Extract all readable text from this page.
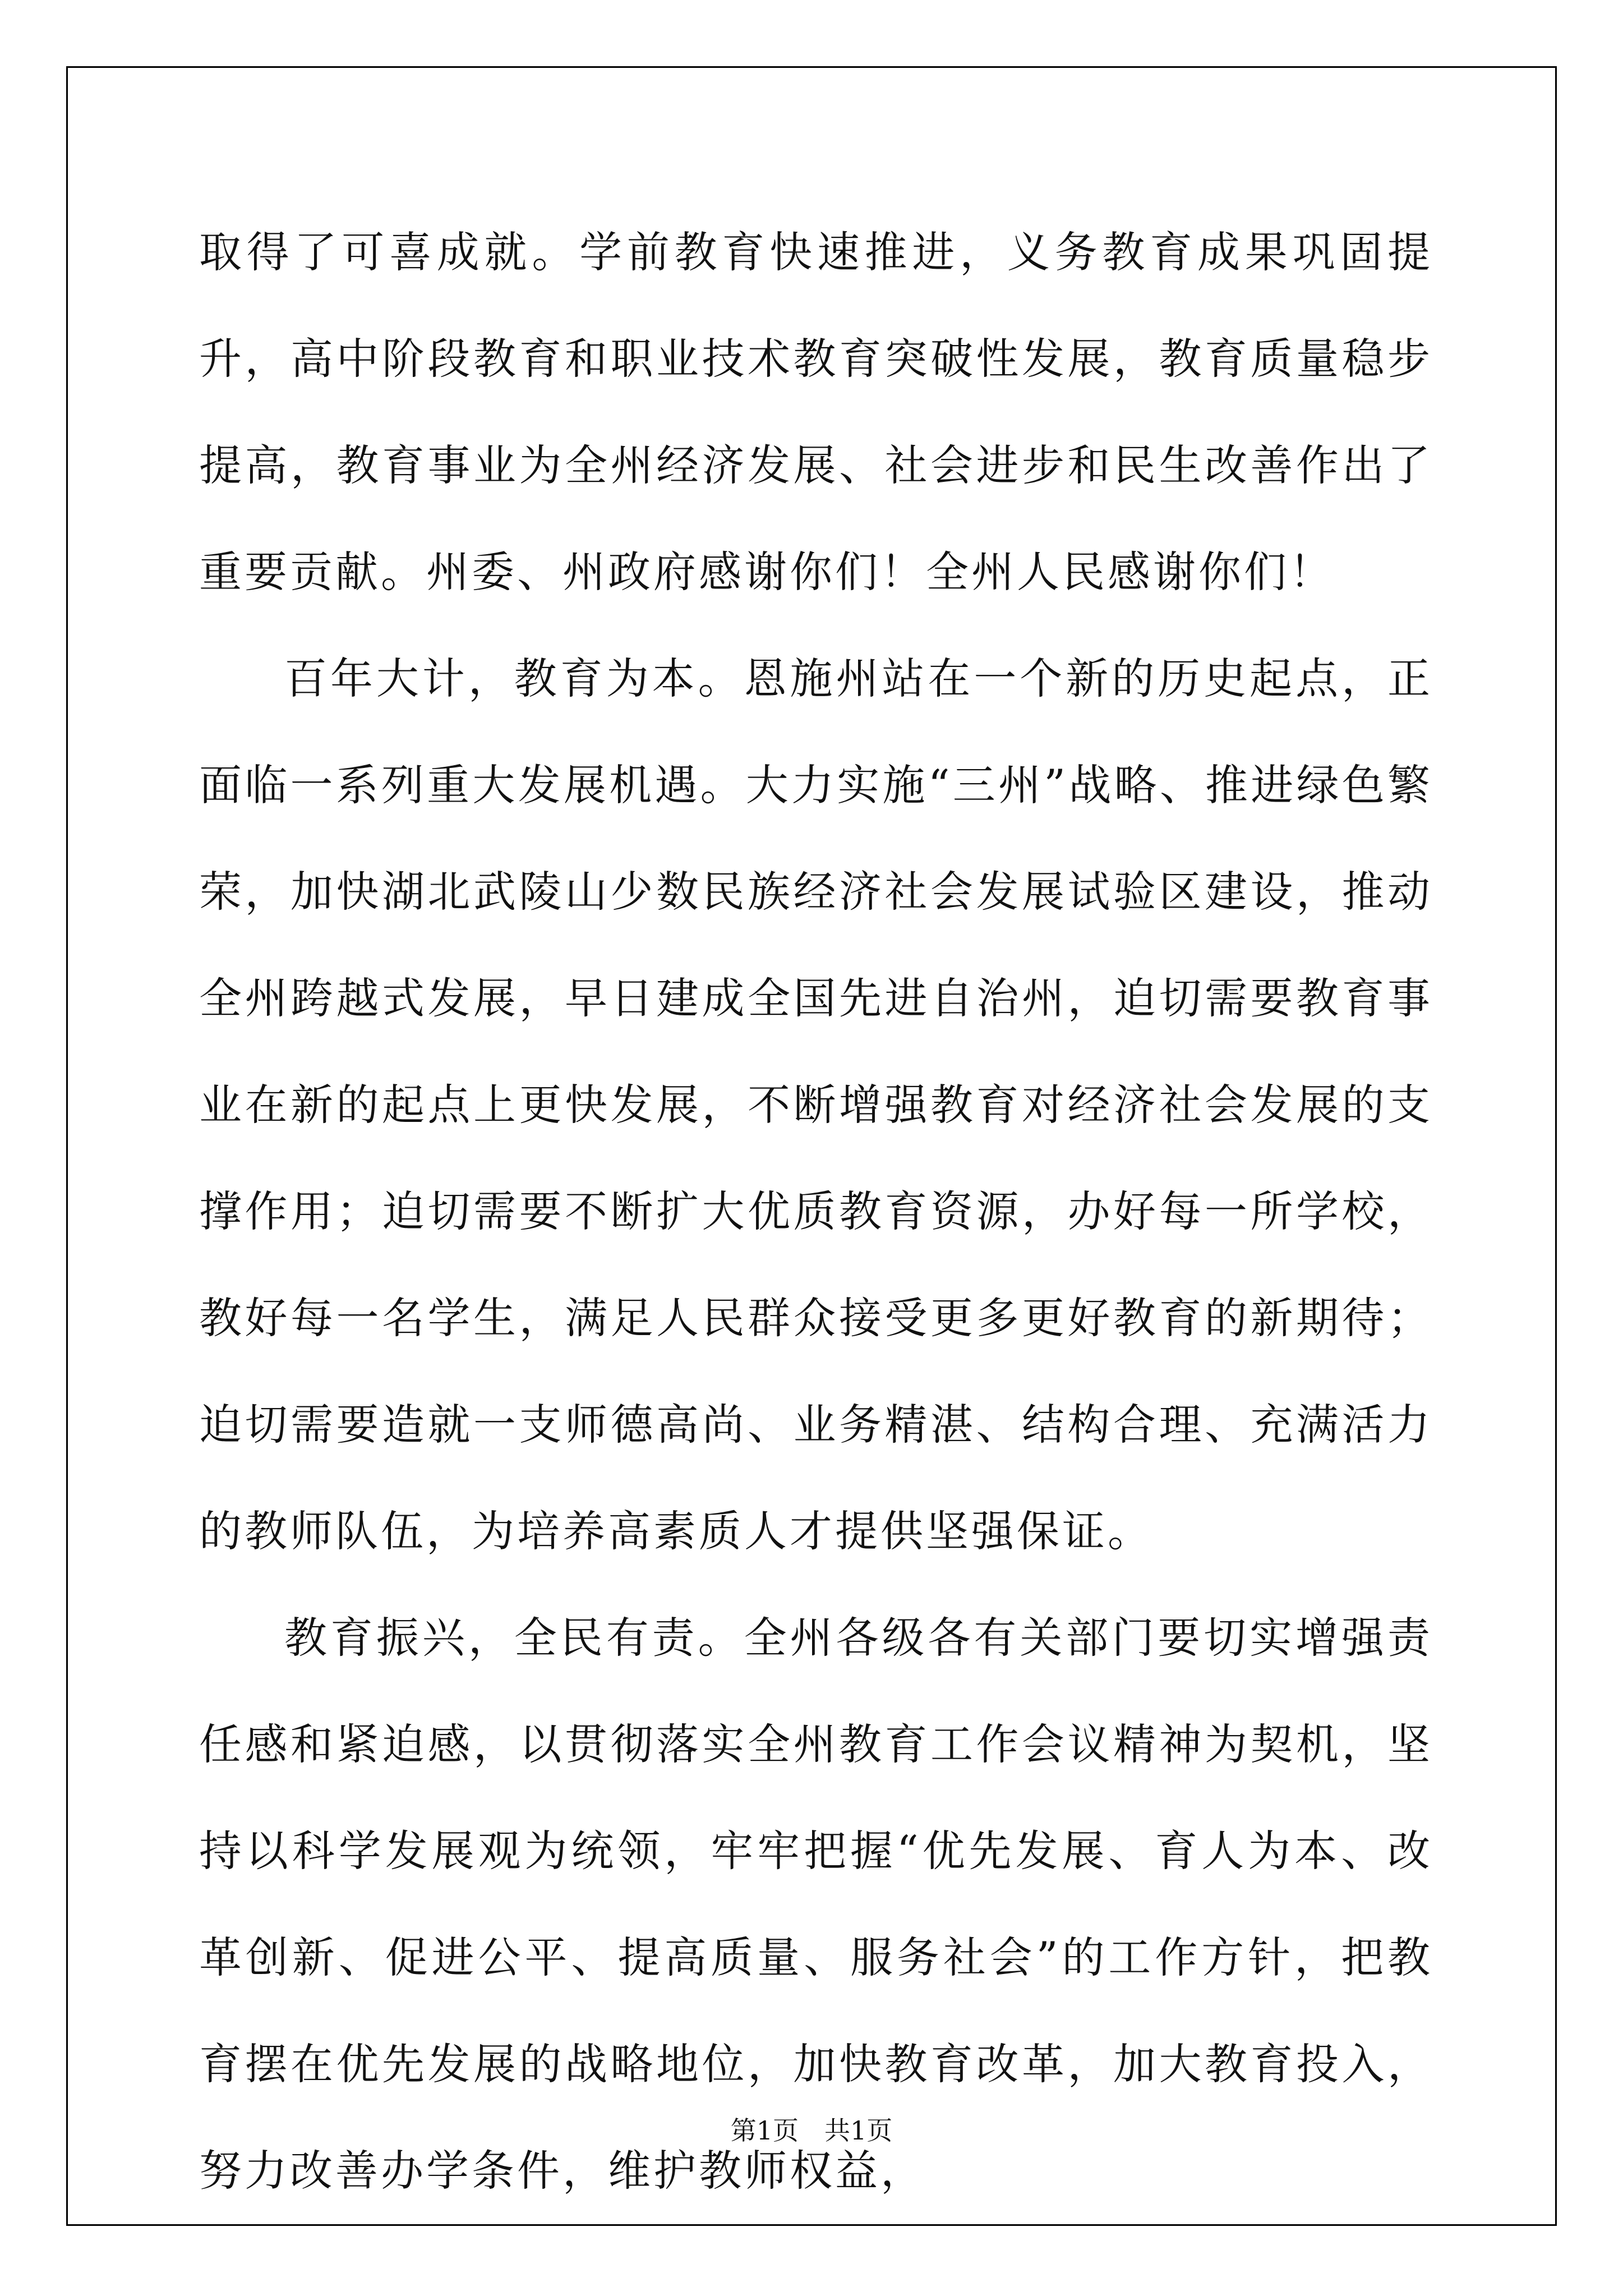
取得了可喜成就。学前教育快速推进，义务教育成果巩固提升，高中阶段教育和职业技术教育突破性发展，教育质量稳步提高，教育事业为全州经济发展、社会进步和民生改善作出了重要贡献。州委、州政府感谢你们！全州人民感谢你们！

百年大计，教育为本。恩施州站在一个新的历史起点，正面临一系列重大发展机遇。大力实施“三州”战略、推进绿色繁荣，加快湖北武陵山少数民族经济社会发展试验区建设，推动全州跨越式发展，早日建成全国先进自治州，迫切需要教育事业在新的起点上更快发展，不断增强教育对经济社会发展的支撑作用；迫切需要不断扩大优质教育资源，办好每一所学校，教好每一名学生，满足人民群众接受更多更好教育的新期待；迫切需要造就一支师德高尚、业务精湛、结构合理、充满活力的教师队伍，为培养高素质人才提供坚强保证。

教育振兴，全民有责。全州各级各有关部门要切实增强责任感和紧迫感，以贯彻落实全州教育工作会议精神为契机，坚持以科学发展观为统领，牢牢把握“优先发展、育人为本、改革创新、促进公平、提高质量、服务社会”的工作方针，把教育摆在优先发展的战略地位，加快教育改革，加大教育投入，努力改善办学条件，维护教师权益，

第1页 共1页
